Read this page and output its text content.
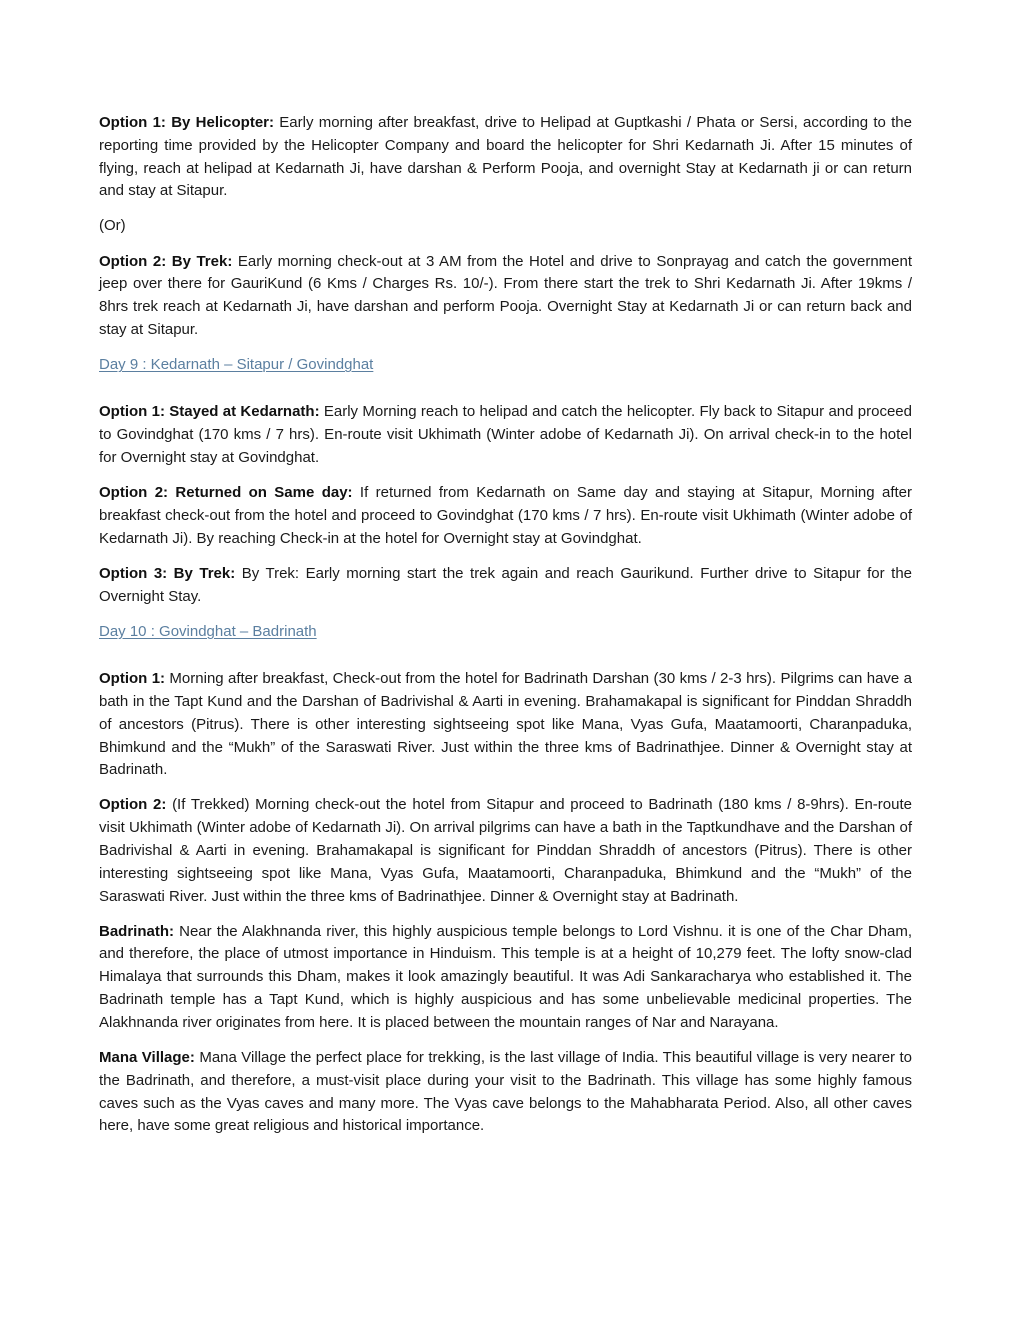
Option 1: By Helicopter: Early morning after breakfast, drive to Helipad at Guptkashi / Phata or Sersi, according to the reporting time provided by the Helicopter Company and board the helicopter for Shri Kedarnath Ji. After 15 minutes of flying, reach at helipad at Kedarnath Ji, have darshan & Perform Pooja, and overnight Stay at Kedarnath ji or can return and stay at Sitapur.

(Or)

Option 2: By Trek: Early morning check-out at 3 AM from the Hotel and drive to Sonprayag and catch the government jeep over there for GauriKund (6 Kms / Charges Rs. 10/-). From there start the trek to Shri Kedarnath Ji. After 19kms / 8hrs trek reach at Kedarnath Ji, have darshan and perform Pooja. Overnight Stay at Kedarnath Ji or can return back and stay at Sitapur.

Day 9 : Kedarnath – Sitapur / Govindghat

Option 1: Stayed at Kedarnath: Early Morning reach to helipad and catch the helicopter. Fly back to Sitapur and proceed to Govindghat (170 kms / 7 hrs). En-route visit Ukhimath (Winter adobe of Kedarnath Ji). On arrival check-in to the hotel for Overnight stay at Govindghat.

Option 2: Returned on Same day: If returned from Kedarnath on Same day and staying at Sitapur, Morning after breakfast check-out from the hotel and proceed to Govindghat (170 kms / 7 hrs). En-route visit Ukhimath (Winter adobe of Kedarnath Ji). By reaching Check-in at the hotel for Overnight stay at Govindghat.

Option 3: By Trek: By Trek: Early morning start the trek again and reach Gaurikund. Further drive to Sitapur for the Overnight Stay.

Day 10 : Govindghat – Badrinath

Option 1: Morning after breakfast, Check-out from the hotel for Badrinath Darshan (30 kms / 2-3 hrs). Pilgrims can have a bath in the Tapt Kund and the Darshan of Badrivishal & Aarti in evening. Brahamakapal is significant for Pinddan Shraddh of ancestors (Pitrus). There is other interesting sightseeing spot like Mana, Vyas Gufa, Maatamoorti, Charanpaduka, Bhimkund and the “Mukh” of the Saraswati River. Just within the three kms of Badrinathjee. Dinner & Overnight stay at Badrinath.

Option 2: (If Trekked) Morning check-out the hotel from Sitapur and proceed to Badrinath (180 kms / 8-9hrs). En-route visit Ukhimath (Winter adobe of Kedarnath Ji). On arrival pilgrims can have a bath in the Taptkundhave and the Darshan of Badrivishal & Aarti in evening. Brahamakapal is significant for Pinddan Shraddh of ancestors (Pitrus). There is other interesting sightseeing spot like Mana, Vyas Gufa, Maatamoorti, Charanpaduka, Bhimkund and the “Mukh” of the Saraswati River. Just within the three kms of Badrinathjee. Dinner & Overnight stay at Badrinath.

Badrinath: Near the Alakhnanda river, this highly auspicious temple belongs to Lord Vishnu. it is one of the Char Dham, and therefore, the place of utmost importance in Hinduism. This temple is at a height of 10,279 feet. The lofty snow-clad Himalaya that surrounds this Dham, makes it look amazingly beautiful. It was Adi Sankaracharya who established it. The Badrinath temple has a Tapt Kund, which is highly auspicious and has some unbelievable medicinal properties. The Alakhnanda river originates from here. It is placed between the mountain ranges of Nar and Narayana.

Mana Village: Mana Village the perfect place for trekking, is the last village of India. This beautiful village is very nearer to the Badrinath, and therefore, a must-visit place during your visit to the Badrinath. This village has some highly famous caves such as the Vyas caves and many more. The Vyas cave belongs to the Mahabharata Period. Also, all other caves here, have some great religious and historical importance.
